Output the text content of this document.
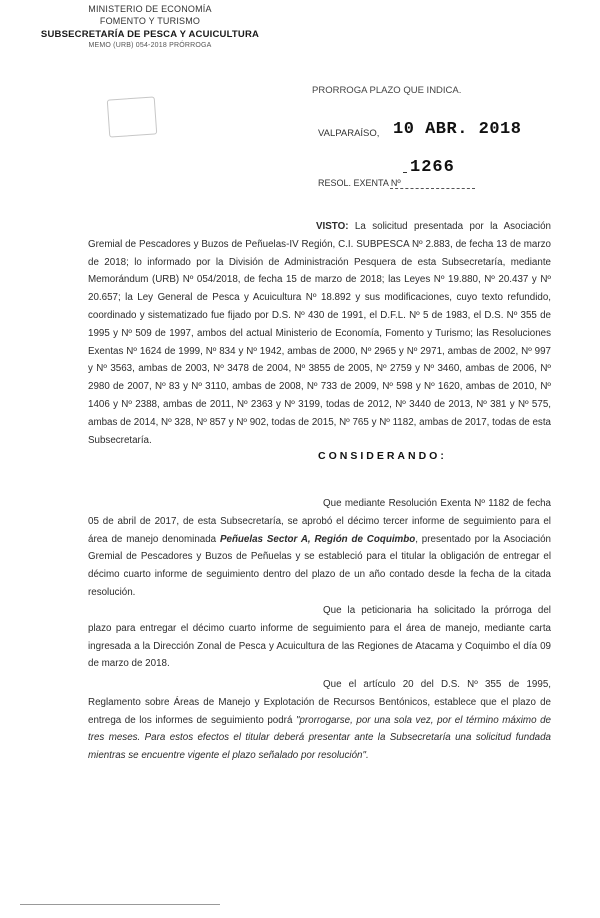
MINISTERIO DE ECONOMÍA
FOMENTO Y TURISMO
SUBSECRETARÍA DE PESCA Y ACUICULTURA
MEMO (URB) 054-2018 PRÓRROGA
PRORROGA PLAZO QUE INDICA.
VALPARAÍSO, 10 ABR. 2018
1266
RESOL. EXENTA Nº
VISTO: La solicitud presentada por la Asociación Gremial de Pescadores y Buzos de Peñuelas-IV Región, C.I. SUBPESCA Nº 2.883, de fecha 13 de marzo de 2018; lo informado por la División de Administración Pesquera de esta Subsecretaría, mediante Memorándum (URB) Nº 054/2018, de fecha 15 de marzo de 2018; las Leyes Nº 19.880, Nº 20.437 y Nº 20.657; la Ley General de Pesca y Acuicultura Nº 18.892 y sus modificaciones, cuyo texto refundido, coordinado y sistematizado fue fijado por D.S. Nº 430 de 1991, el D.F.L. Nº 5 de 1983, el D.S. Nº 355 de 1995 y Nº 509 de 1997, ambos del actual Ministerio de Economía, Fomento y Turismo; las Resoluciones Exentas Nº 1624 de 1999, Nº 834 y Nº 1942, ambas de 2000, Nº 2965 y Nº 2971, ambas de 2002, Nº 997 y Nº 3563, ambas de 2003, Nº 3478 de 2004, Nº 3855 de 2005, Nº 2759 y Nº 3460, ambas de 2006, Nº 2980 de 2007, Nº 83 y Nº 3110, ambas de 2008, Nº 733 de 2009, Nº 598 y Nº 1620, ambas de 2010, Nº 1406 y Nº 2388, ambas de 2011, Nº 2363 y Nº 3199, todas de 2012, Nº 3440 de 2013, Nº 381 y Nº 575, ambas de 2014, Nº 328, Nº 857 y Nº 902, todas de 2015, Nº 765 y Nº 1182, ambas de 2017, todas de esta Subsecretaría.
CONSIDERANDO:
Que mediante Resolución Exenta Nº 1182 de fecha 05 de abril de 2017, de esta Subsecretaría, se aprobó el décimo tercer informe de seguimiento para el área de manejo denominada Peñuelas Sector A, Región de Coquimbo, presentado por la Asociación Gremial de Pescadores y Buzos de Peñuelas y se estableció para el titular la obligación de entregar el décimo cuarto informe de seguimiento dentro del plazo de un año contado desde la fecha de la citada resolución.
Que la peticionaria ha solicitado la prórroga del plazo para entregar el décimo cuarto informe de seguimiento para el área de manejo, mediante carta ingresada a la Dirección Zonal de Pesca y Acuicultura de las Regiones de Atacama y Coquimbo el día 09 de marzo de 2018.
Que el artículo 20 del D.S. Nº 355 de 1995, Reglamento sobre Áreas de Manejo y Explotación de Recursos Bentónicos, establece que el plazo de entrega de los informes de seguimiento podrá "prorrogarse, por una sola vez, por el término máximo de tres meses. Para estos efectos el titular deberá presentar ante la Subsecretaría una solicitud fundada mientras se encuentre vigente el plazo señalado por resolución".
